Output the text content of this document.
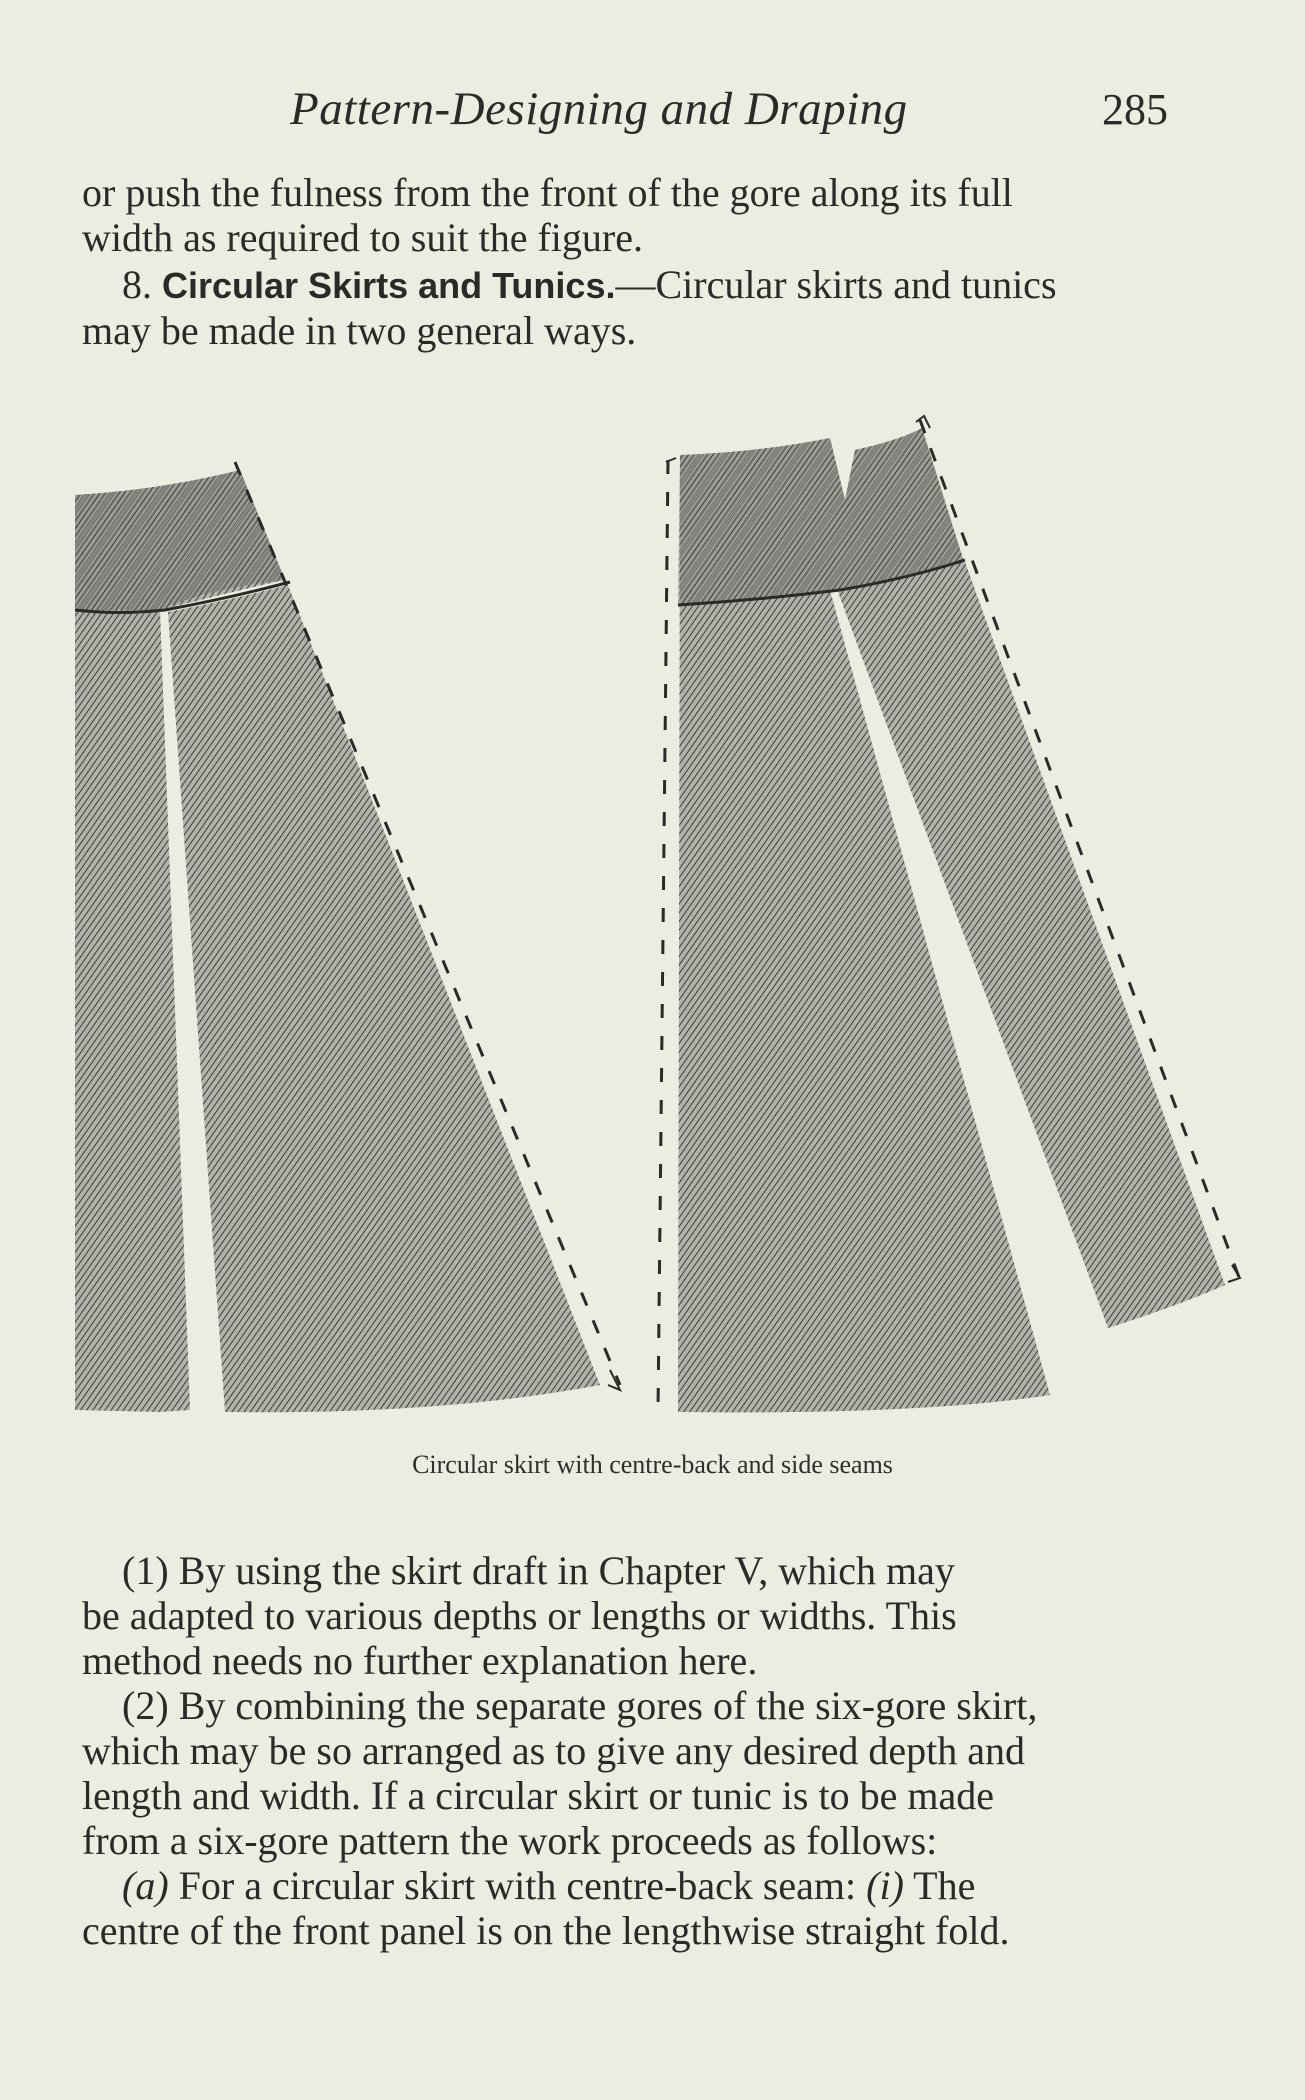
Pattern-Designing and Draping	285
or push the fulness from the front of the gore along its full
width as required to suit the figure.
8. Circular Skirts and Tunics.—Circular skirts and tunics
may be made in two general ways.
Circular skirt with centre-back and side seams
(1) By using the skirt draft in Chapter V, which may
be adapted to various depths or lengths or widths. This
method needs no further explanation here.
(2) By combining the separate gores of the six-gore skirt,
which may be so arranged as to give any desired depth and
length and width. If a circular skirt or tunic is to be made
from a six-gore pattern the work proceeds as follows:
(a) For a circular skirt with centre-back seam: (i) The
centre of the front panel is on the lengthwise straight fold.
